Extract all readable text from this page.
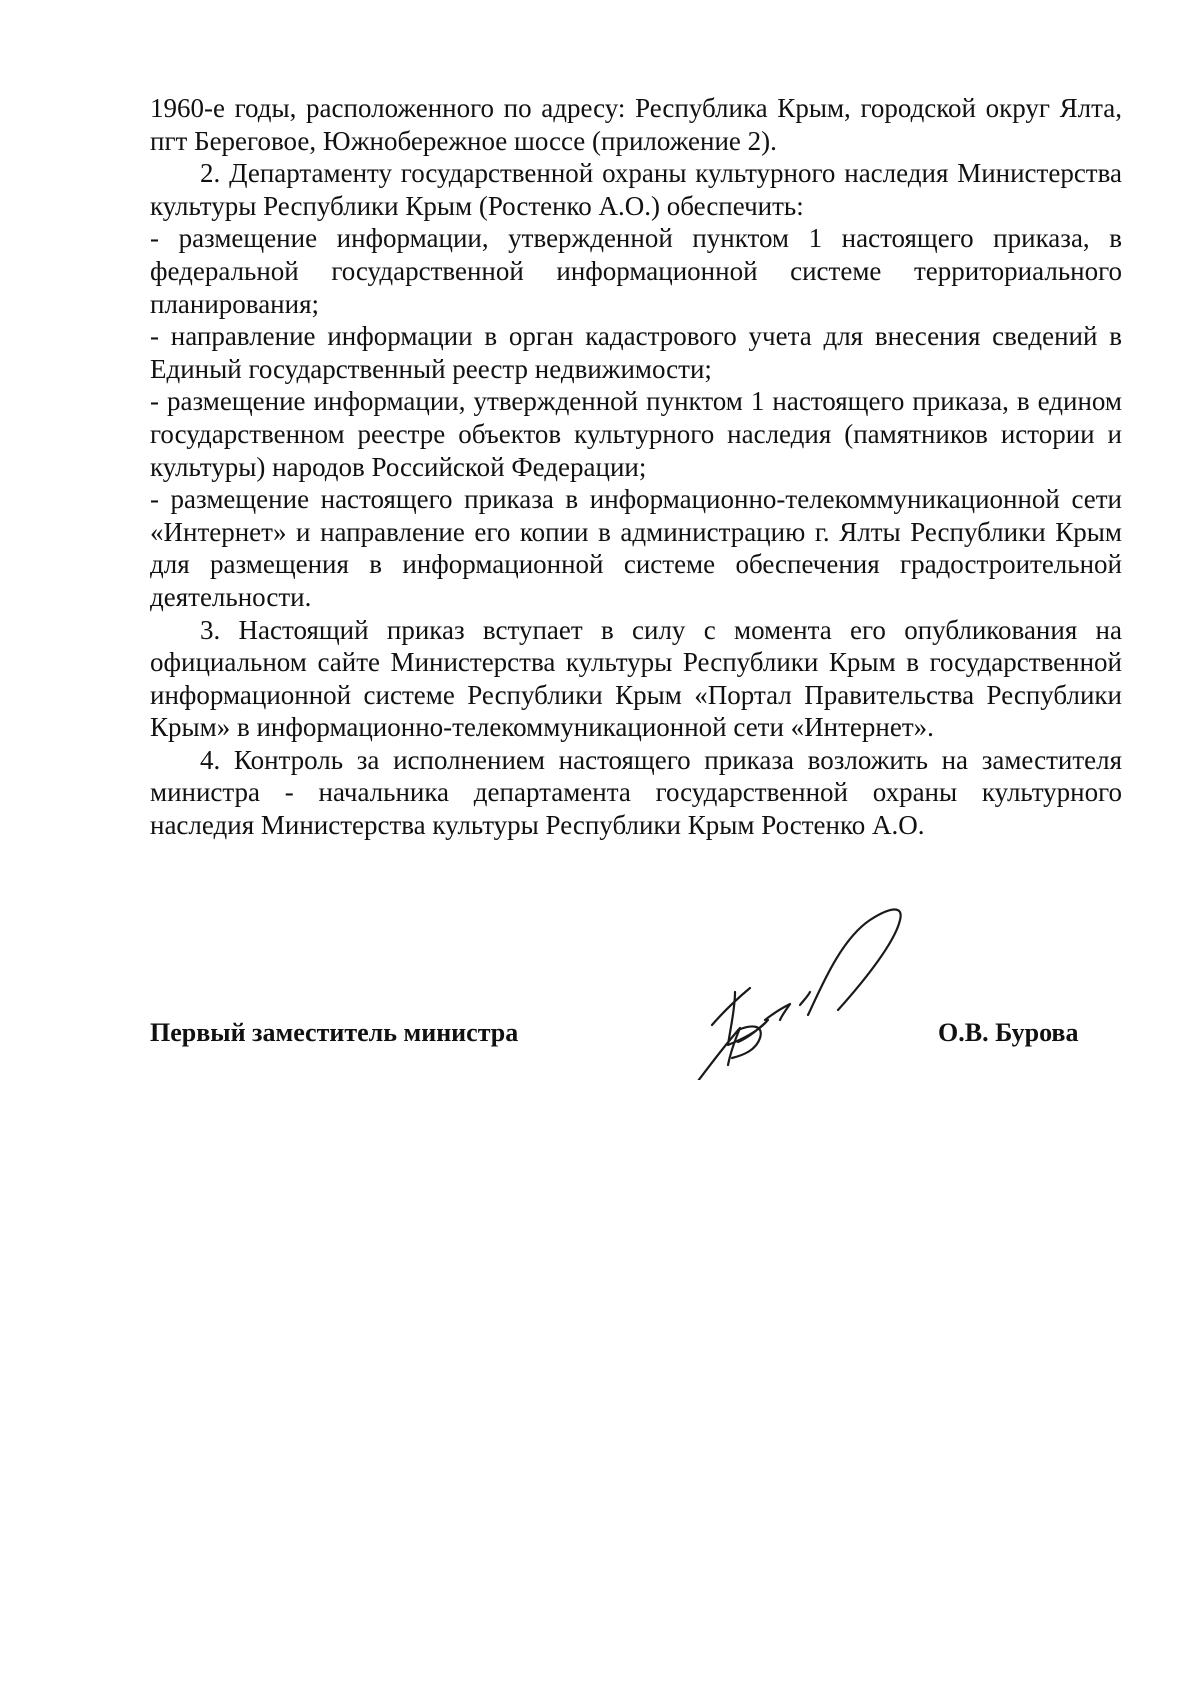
1960-е годы, расположенного по адресу: Республика Крым, городской округ Ялта, пгт Береговое, Южнобережное шоссе (приложение 2).

2. Департаменту государственной охраны культурного наследия Министерства культуры Республики Крым (Ростенко А.О.) обеспечить:

- размещение информации, утвержденной пунктом 1 настоящего приказа, в федеральной государственной информационной системе территориального планирования;

- направление информации в орган кадастрового учета для внесения сведений в Единый государственный реестр недвижимости;

- размещение информации, утвержденной пунктом 1 настоящего приказа, в едином государственном реестре объектов культурного наследия (памятников истории и культуры) народов Российской Федерации;

- размещение настоящего приказа в информационно-телекоммуникационной сети «Интернет» и направление его копии в администрацию г. Ялты Республики Крым для размещения в информационной системе обеспечения градостроительной деятельности.

3. Настоящий приказ вступает в силу с момента его опубликования на официальном сайте Министерства культуры Республики Крым в государственной информационной системе Республики Крым «Портал Правительства Республики Крым» в информационно-телекоммуникационной сети «Интернет».

4. Контроль за исполнением настоящего приказа возложить на заместителя министра - начальника департамента государственной охраны культурного наследия Министерства культуры Республики Крым Ростенко А.О.

Первый заместитель министра	О.В. Бурова
